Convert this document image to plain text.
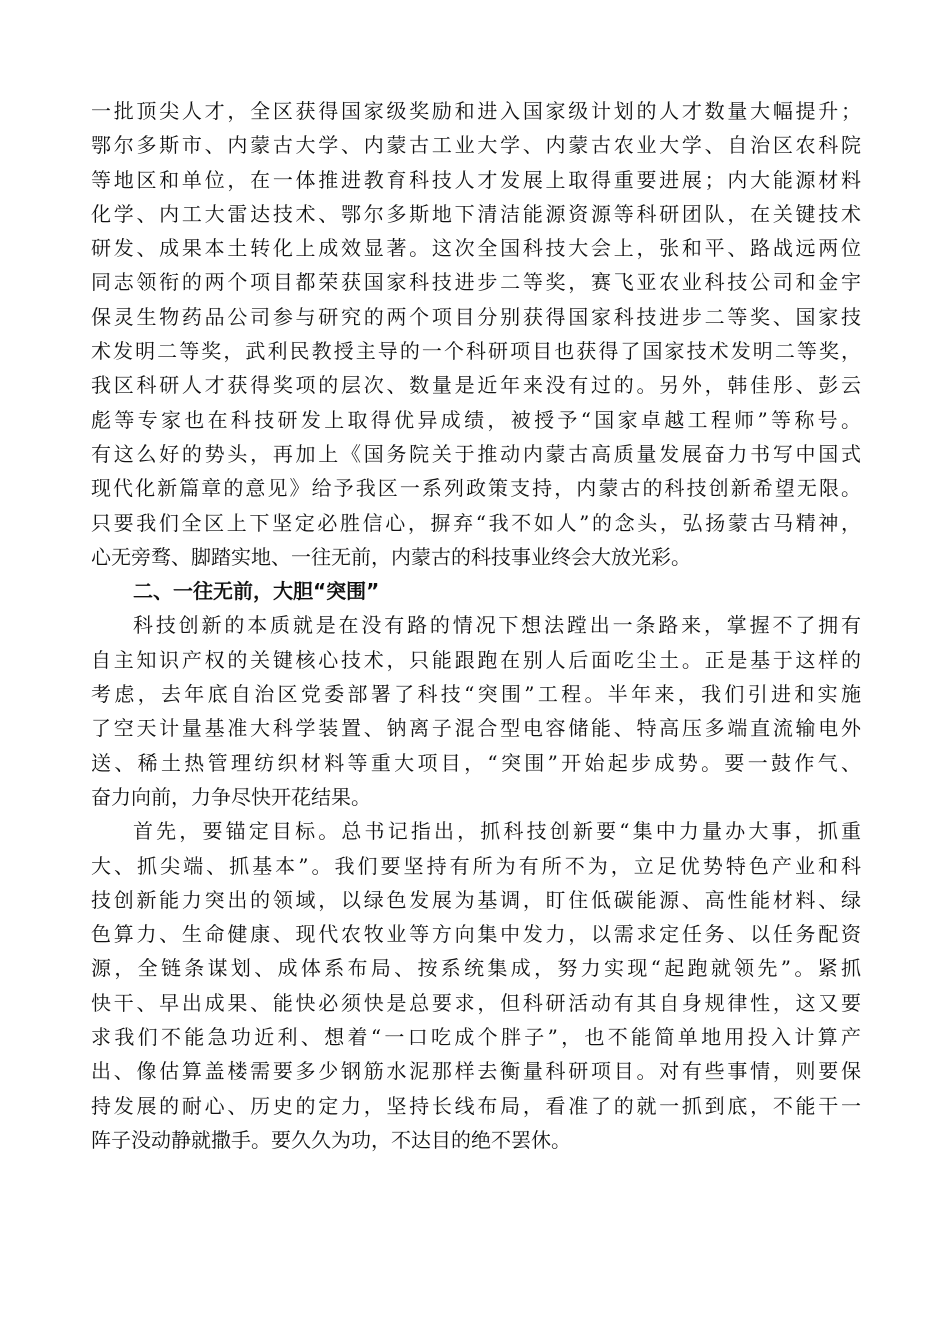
一批顶尖人才，全区获得国家级奖励和进入国家级计划的人才数量大幅提升；
鄂尔多斯市、内蒙古大学、内蒙古工业大学、内蒙古农业大学、自治区农科院
等地区和单位，在一体推进教育科技人才发展上取得重要进展；内大能源材料
化学、内工大雷达技术、鄂尔多斯地下清洁能源资源等科研团队，在关键技术
研发、成果本土转化上成效显著。这次全国科技大会上，张和平、路战远两位
同志领衔的两个项目都荣获国家科技进步二等奖，赛飞亚农业科技公司和金宇
保灵生物药品公司参与研究的两个项目分别获得国家科技进步二等奖、国家技
术发明二等奖，武利民教授主导的一个科研项目也获得了国家技术发明二等奖，
我区科研人才获得奖项的层次、数量是近年来没有过的。另外，韩佳彤、彭云
彪等专家也在科技研发上取得优异成绩，被授予“国家卓越工程师”等称号。
有这么好的势头，再加上《国务院关于推动内蒙古高质量发展奋力书写中国式
现代化新篇章的意见》给予我区一系列政策支持，内蒙古的科技创新希望无限。
只要我们全区上下坚定必胜信心，摒弃“我不如人”的念头，弘扬蒙古马精神，
心无旁骛、脚踏实地、一往无前，内蒙古的科技事业终会大放光彩。
二、一往无前，大胆“突围”
科技创新的本质就是在没有路的情况下想法蹚出一条路来，掌握不了拥有
自主知识产权的关键核心技术，只能跟跑在别人后面吃尘土。正是基于这样的
考虑，去年底自治区党委部署了科技“突围”工程。半年来，我们引进和实施
了空天计量基准大科学装置、钠离子混合型电容储能、特高压多端直流输电外
送、稀土热管理纺织材料等重大项目，“突围”开始起步成势。要一鼓作气、
奋力向前，力争尽快开花结果。
首先，要锚定目标。总书记指出，抓科技创新要“集中力量办大事，抓重
大、抓尖端、抓基本”。我们要坚持有所为有所不为，立足优势特色产业和科
技创新能力突出的领域，以绿色发展为基调，盯住低碳能源、高性能材料、绿
色算力、生命健康、现代农牧业等方向集中发力，以需求定任务、以任务配资
源，全链条谋划、成体系布局、按系统集成，努力实现“起跑就领先”。紧抓
快干、早出成果、能快必须快是总要求，但科研活动有其自身规律性，这又要
求我们不能急功近利、想着“一口吃成个胖子”，也不能简单地用投入计算产
出、像估算盖楼需要多少钢筋水泥那样去衡量科研项目。对有些事情，则要保
持发展的耐心、历史的定力，坚持长线布局，看准了的就一抓到底，不能干一
阵子没动静就撒手。要久久为功，不达目的绝不罢休。
